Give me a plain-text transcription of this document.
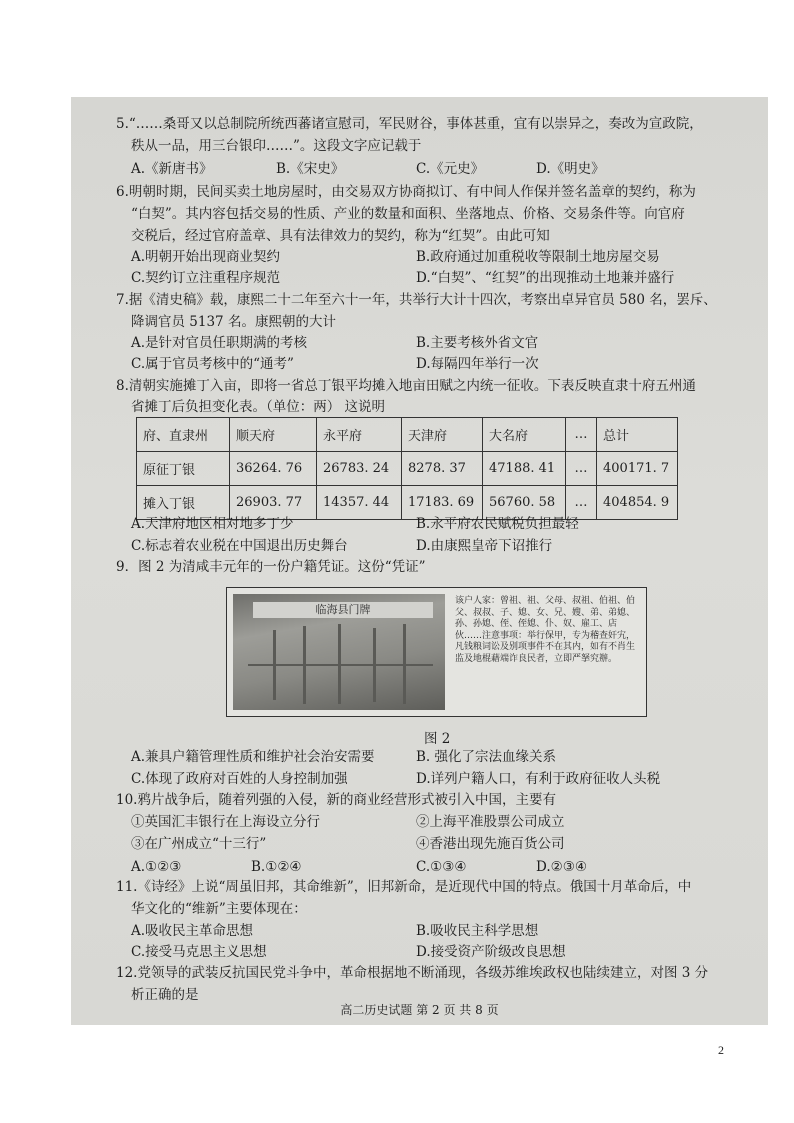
5.“……桑哥又以总制院所统西蕃诸宣慰司，军民财谷，事体甚重，宜有以崇异之，奏改为宣政院，
秩从一品，用三台银印……”。这段文字应记载于
A.《新唐书》	B.《宋史》	C.《元史》	D.《明史》
6.明朝时期，民间买卖土地房屋时，由交易双方协商拟订、有中间人作保并签名盖章的契约，称为
“白契”。其内容包括交易的性质、产业的数量和面积、坐落地点、价格、交易条件等。向官府
交税后，经过官府盖章、具有法律效力的契约，称为“红契”。由此可知
A.明朝开始出现商业契约	B.政府通过加重税收等限制土地房屋交易
C.契约订立注重程序规范	D.“白契”、“红契”的出现推动土地兼并盛行
7.据《清史稿》载，康熙二十二年至六十一年，共举行大计十四次，考察出卓异官员 580 名，罢斥、
降调官员 5137 名。康熙朝的大计
A.是针对官员任职期满的考核	B.主要考核外省文官
C.属于官员考核中的“通考”	D.每隔四年举行一次
8.清朝实施摊丁入亩，即将一省总丁银平均摊入地亩田赋之内统一征收。下表反映直隶十府五州通
省摊丁后负担变化表。（单位：两） 这说明
府、直隶州	顺天府	永平府	天津府	大名府	…	总计
原征丁银	36264. 76	26783. 24	8278. 37	47188. 41	…	400171. 7
摊入丁银	26903. 77	14357. 44	17183. 69	56760. 58	…	404854. 9
A.天津府地区相对地多丁少	B.永平府农民赋税负担最轻
C.标志着农业税在中国退出历史舞台	D.由康熙皇帝下诏推行
9．图 2 为清咸丰元年的一份户籍凭证。这份“凭证”
临海县门牌
该户人家：曾祖、祖、父母、叔祖、伯祖、伯父、叔叔、子、媳、女、兄、嫂、弟、弟媳、孙、孙媳、侄、侄媳、仆、奴、雇工、店伙……注意事项：举行保甲，专为稽查奸宄，凡钱粮词讼及别项事件不在其内，如有不肖生监及地棍藉端诈良民者，立即严拏究辦。
图 2
A.兼具户籍管理性质和维护社会治安需要	B. 强化了宗法血缘关系
C.体现了政府对百姓的人身控制加强	D.详列户籍人口，有利于政府征收人头税
10.鸦片战争后，随着列强的入侵，新的商业经营形式被引入中国，主要有
①英国汇丰银行在上海设立分行	②上海平准股票公司成立
③在广州成立“十三行”	④香港出现先施百货公司
A.①②③	B.①②④	C.①③④	D.②③④
11.《诗经》上说“周虽旧邦，其命维新”，旧邦新命，是近现代中国的特点。俄国十月革命后，中
华文化的“维新”主要体现在：
A.吸收民主革命思想	B.吸收民主科学思想
C.接受马克思主义思想	D.接受资产阶级改良思想
12.党领导的武装反抗国民党斗争中，革命根据地不断涌现，各级苏维埃政权也陆续建立，对图 3 分
析正确的是
高二历史试题 第 2 页 共 8 页
2
